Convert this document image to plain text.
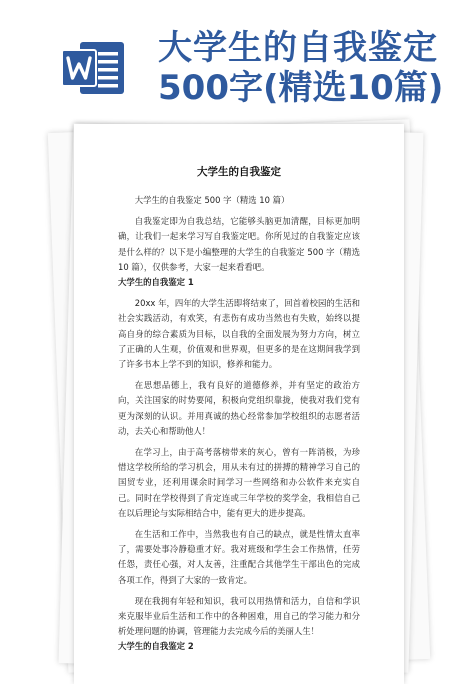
大学生的自我鉴定
500字(精选10篇)
大学生的自我鉴定

大学生的自我鉴定 500 字（精选 10 篇）

自我鉴定即为自我总结，它能够头脑更加清醒，目标更加明确，让我们一起来学习写自我鉴定吧。你所见过的自我鉴定应该是什么样的？以下是小编整理的大学生的自我鉴定 500 字（精选 10 篇），仅供参考，大家一起来看看吧。

大学生的自我鉴定 1

20xx 年，四年的大学生活即将结束了，回首着校园的生活和社会实践活动，有欢笑，有悲伤有成功当然也有失败，始终以提高自身的综合素质为目标，以自我的全面发展为努力方向，树立了正确的人生观，价值观和世界观，但更多的是在这期间我学到了许多书本上学不到的知识，修养和能力。

在思想品德上，我有良好的道德修养，并有坚定的政治方向，关注国家的时势要闻，积极向党组织靠拢，使我对我们党有更为深刻的认识。并用真诚的热心经常参加学校组织的志愿者活动，去关心和帮助他人！

在学习上，由于高考落榜带来的灰心，曾有一阵消极，为珍惜这学校所给的学习机会，用从未有过的拼搏的精神学习自己的国贸专业，还利用课余时间学习一些网络和办公软件来充实自己。同时在学校得到了肯定连或三年学校的奖学金，我相信自己在以后理论与实际相结合中，能有更大的进步提高。

在生活和工作中，当然我也有自己的缺点，就是性情太直率了，需要处事冷静稳重才好。我对班级和学生会工作热情，任劳任怨，责任心强，对人友善，注重配合其他学生干部出色的完成各项工作，得到了大家的一致肯定。

现在我拥有年轻和知识，我可以用热情和活力，自信和学识来克服毕业后生活和工作中的各种困难，用自己的学习能力和分析处理问题的协调，管理能力去完成今后的美丽人生！

大学生的自我鉴定 2
